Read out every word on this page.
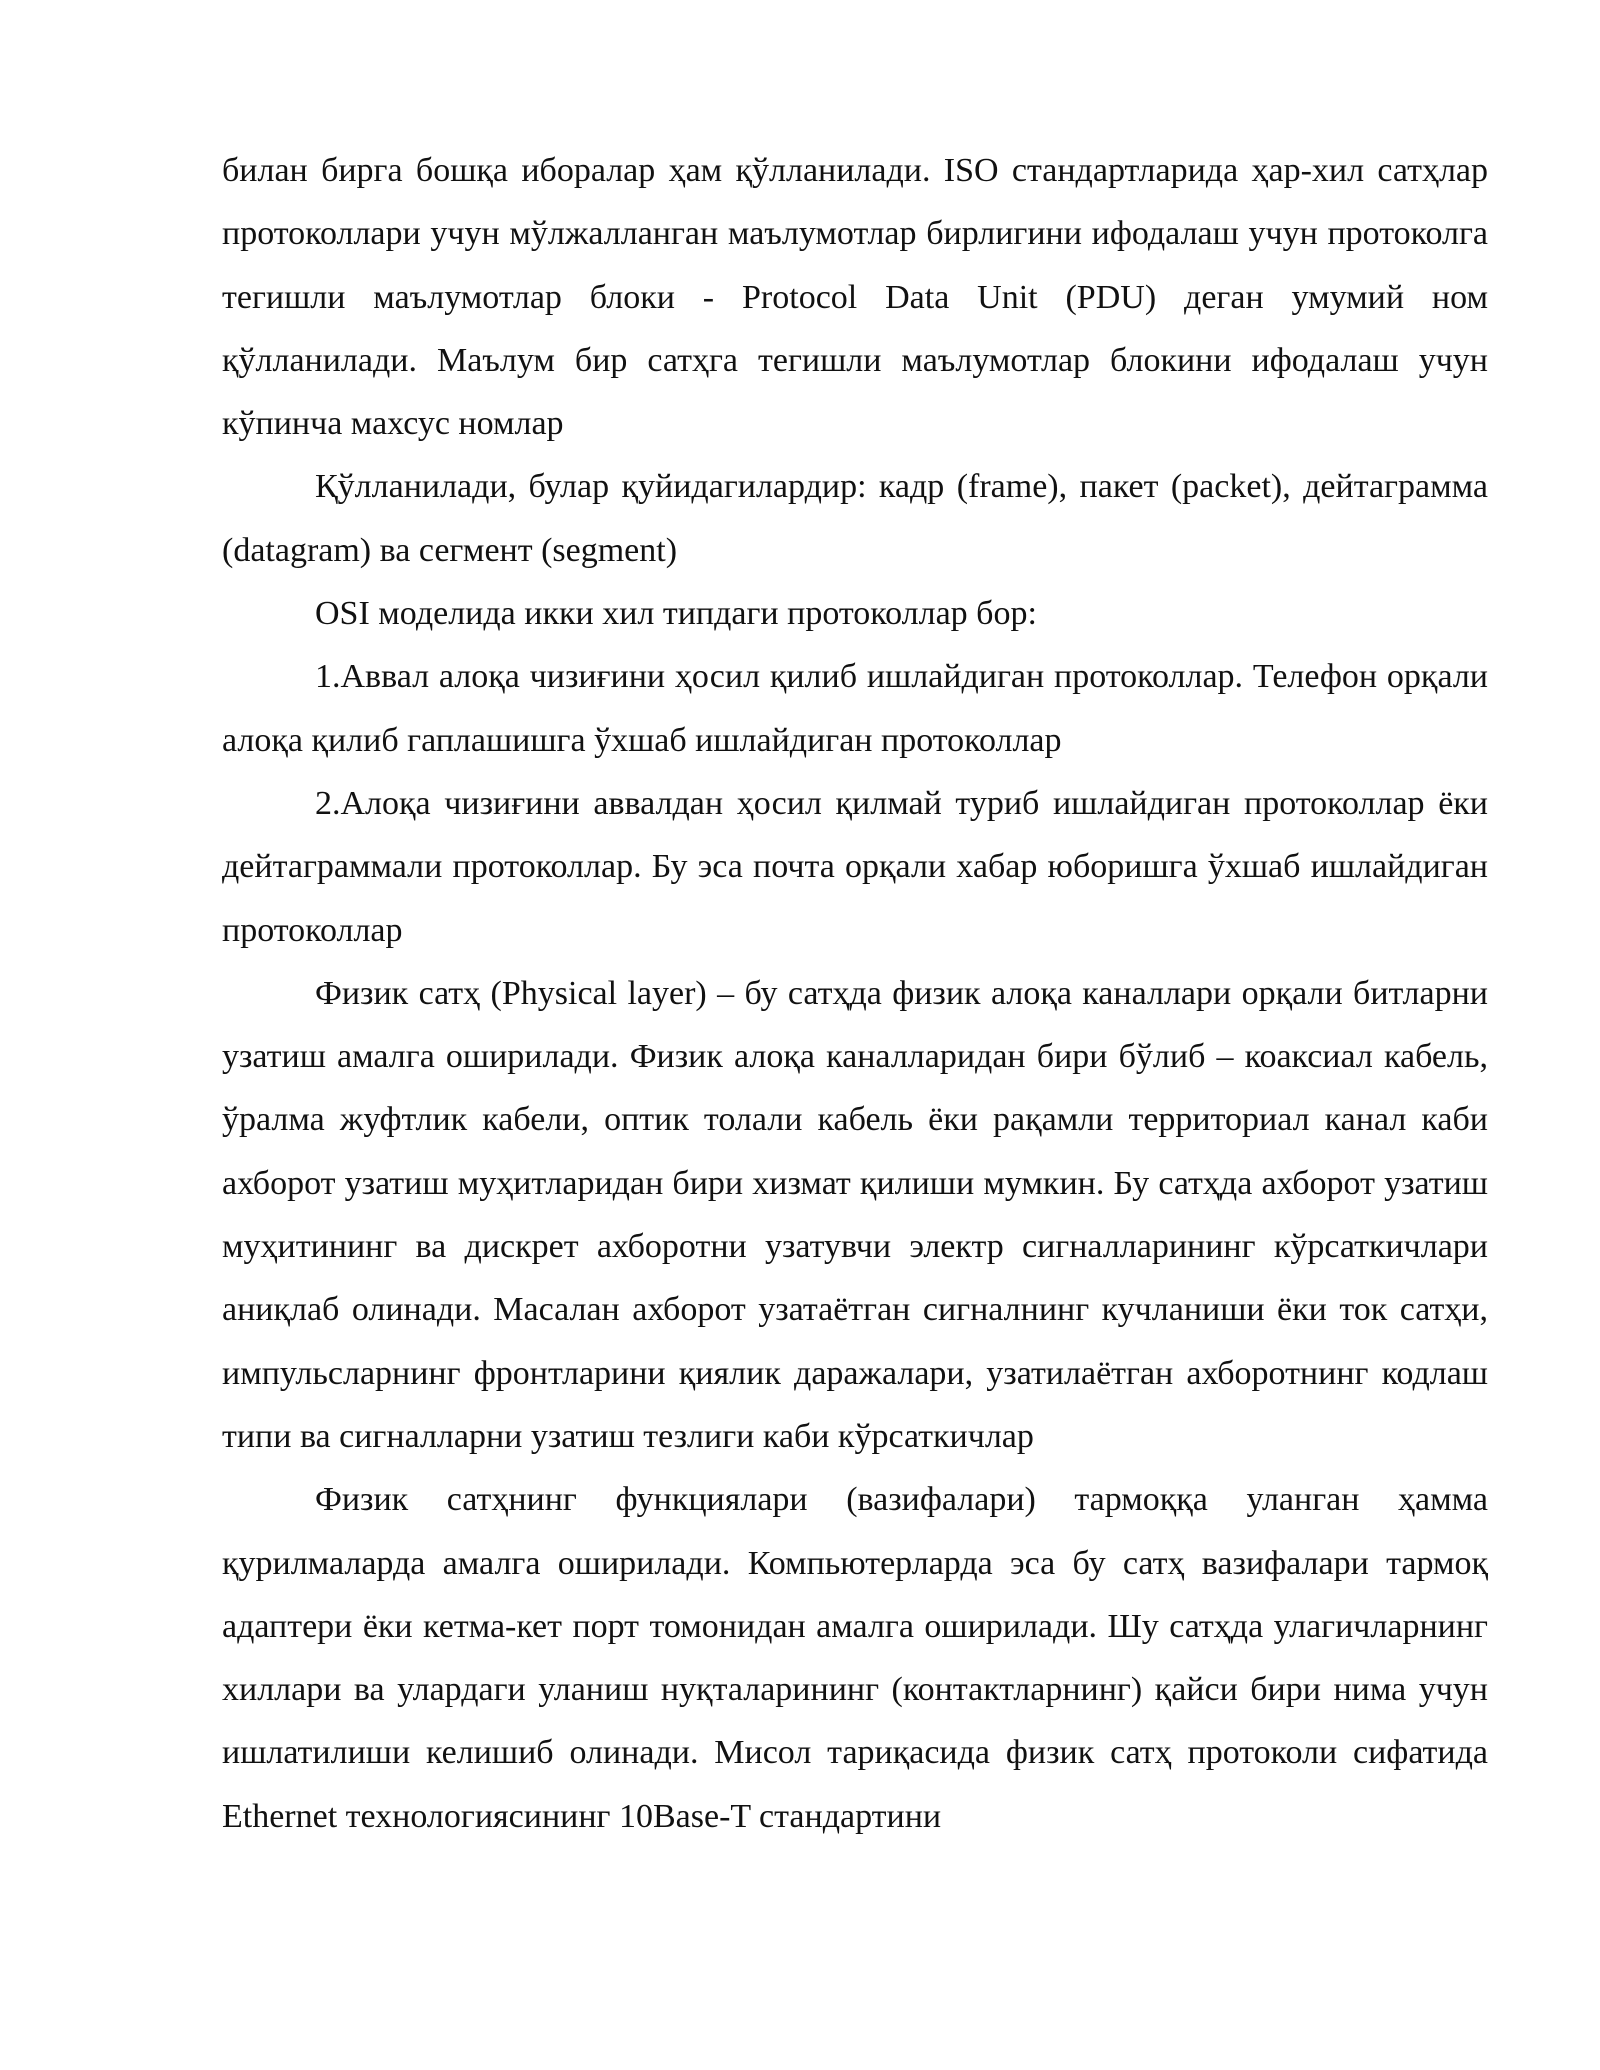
билан бирга бошқа иборалар ҳам қўлланилади. ISO стандартларида ҳар-хил сатҳлар протоколлари учун мўлжалланган маълумотлар бирлигини ифодалаш учун протоколга тегишли маълумотлар блоки - Protocol Data Unit (PDU) деган умумий ном қўлланилади. Маълум бир сатҳга тегишли маълумотлар блокини ифодалаш учун кўпинча махсус номлар

Қўлланилади, булар қуйидагилардир: кадр (frame), пакет (packet), дейтаграмма (datagram) ва сегмент (segment)

OSI моделида икки хил типдаги протоколлар бор:

1.Аввал алоқа чизиғини ҳосил қилиб ишлайдиган протоколлар. Телефон орқали алоқа қилиб гаплашишга ўхшаб ишлайдиган протоколлар

2.Алоқа чизиғини аввалдан ҳосил қилмай туриб ишлайдиган протоколлар ёки дейтаграммали протоколлар. Бу эса почта орқали хабар юборишга ўхшаб ишлайдиган протоколлар

Физик сатҳ (Physical layer) – бу сатҳда физик алоқа каналлари орқали битларни узатиш амалга оширилади. Физик алоқа каналларидан бири бўлиб – коаксиал кабель, ўралма жуфтлик кабели, оптик толали кабель ёки рақамли территориал канал каби ахборот узатиш муҳитларидан бири хизмат қилиши мумкин. Бу сатҳда ахборот узатиш муҳитининг ва дискрет ахборотни узатувчи электр сигналларининг кўрсаткичлари аниқлаб олинади. Масалан ахборот узатаётган сигналнинг кучланиши ёки ток сатҳи, импульсларнинг фронтларини қиялик даражалари, узатилаётган ахборотнинг кодлаш типи ва сигналларни узатиш тезлиги каби кўрсаткичлар

Физик сатҳнинг функциялари (вазифалари) тармоққа уланган ҳамма қурилмаларда амалга оширилади. Компьютерларда эса бу сатҳ вазифалари тармоқ адаптери ёки кетма-кет порт томонидан амалга оширилади. Шу сатҳда улагичларнинг хиллари ва улардаги уланиш нуқталарининг (контактларнинг) қайси бири нима учун ишлатилиши келишиб олинади. Мисол тариқасида физик сатҳ протоколи сифатида Ethernet технологиясининг 10Base-T стандартини
